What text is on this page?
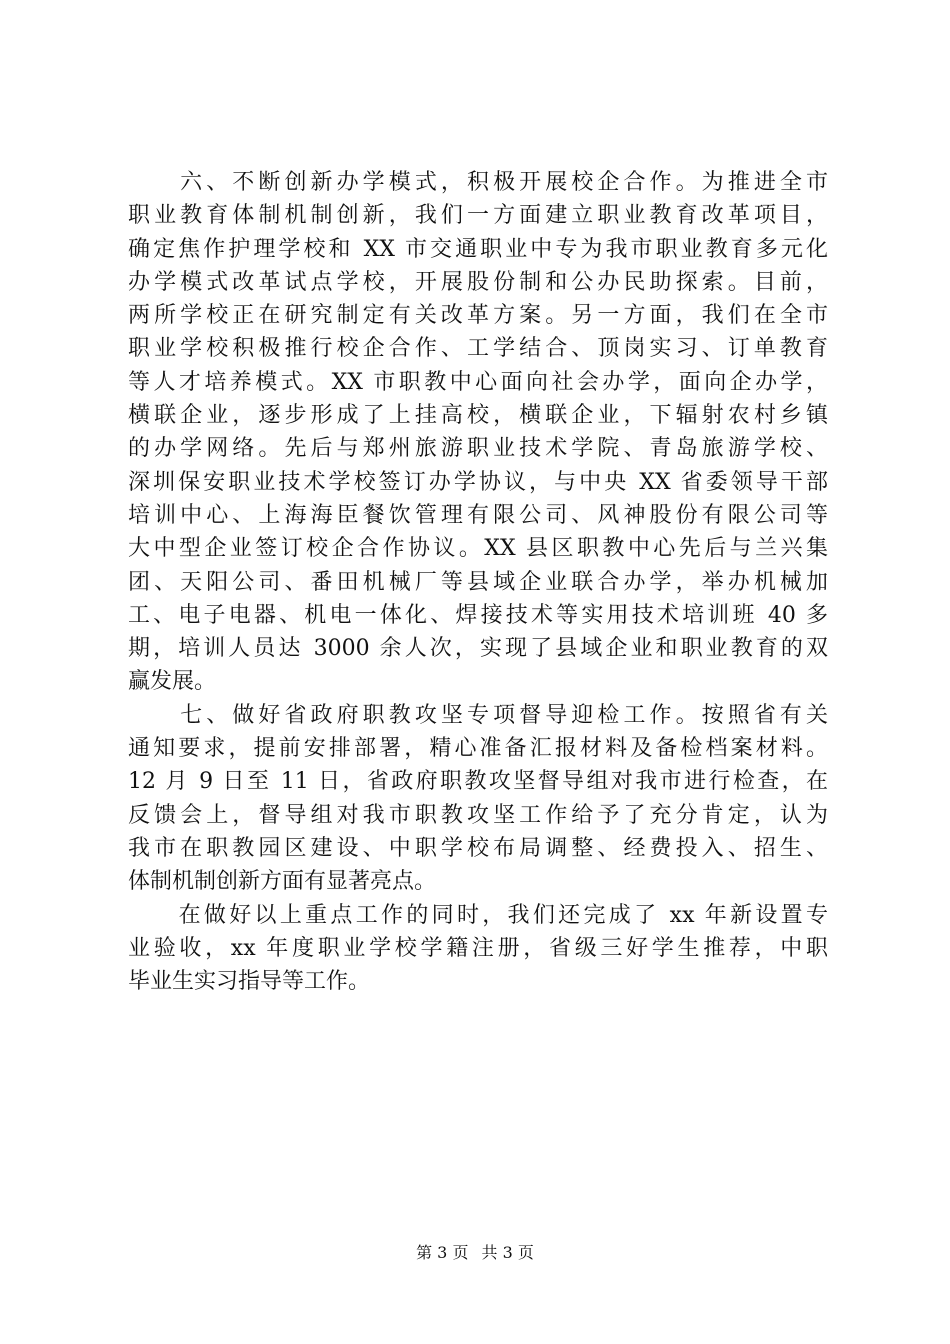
　　六、不断创新办学模式，积极开展校企合作。为推进全市
职业教育体制机制创新，我们一方面建立职业教育改革项目，
确定焦作护理学校和 XX 市交通职业中专为我市职业教育多元化
办学模式改革试点学校，开展股份制和公办民助探索。目前，
两所学校正在研究制定有关改革方案。另一方面，我们在全市
职业学校积极推行校企合作、工学结合、顶岗实习、订单教育
等人才培养模式。XX 市职教中心面向社会办学，面向企办学，
横联企业，逐步形成了上挂高校，横联企业，下辐射农村乡镇
的办学网络。先后与郑州旅游职业技术学院、青岛旅游学校、
深圳保安职业技术学校签订办学协议，与中央 XX 省委领导干部
培训中心、上海海臣餐饮管理有限公司、风神股份有限公司等
大中型企业签订校企合作协议。XX 县区职教中心先后与兰兴集
团、天阳公司、番田机械厂等县域企业联合办学，举办机械加
工、电子电器、机电一体化、焊接技术等实用技术培训班 40 多
期，培训人员达 3000 余人次，实现了县域企业和职业教育的双
赢发展。
　　七、做好省政府职教攻坚专项督导迎检工作。按照省有关
通知要求，提前安排部署，精心准备汇报材料及备检档案材料。
12 月 9 日至 11 日，省政府职教攻坚督导组对我市进行检查，在
反馈会上，督导组对我市职教攻坚工作给予了充分肯定，认为
我市在职教园区建设、中职学校布局调整、经费投入、招生、
体制机制创新方面有显著亮点。
　　在做好以上重点工作的同时，我们还完成了 xx 年新设置专
业验收，xx 年度职业学校学籍注册，省级三好学生推荐，中职
毕业生实习指导等工作。
第 3 页 共 3 页
